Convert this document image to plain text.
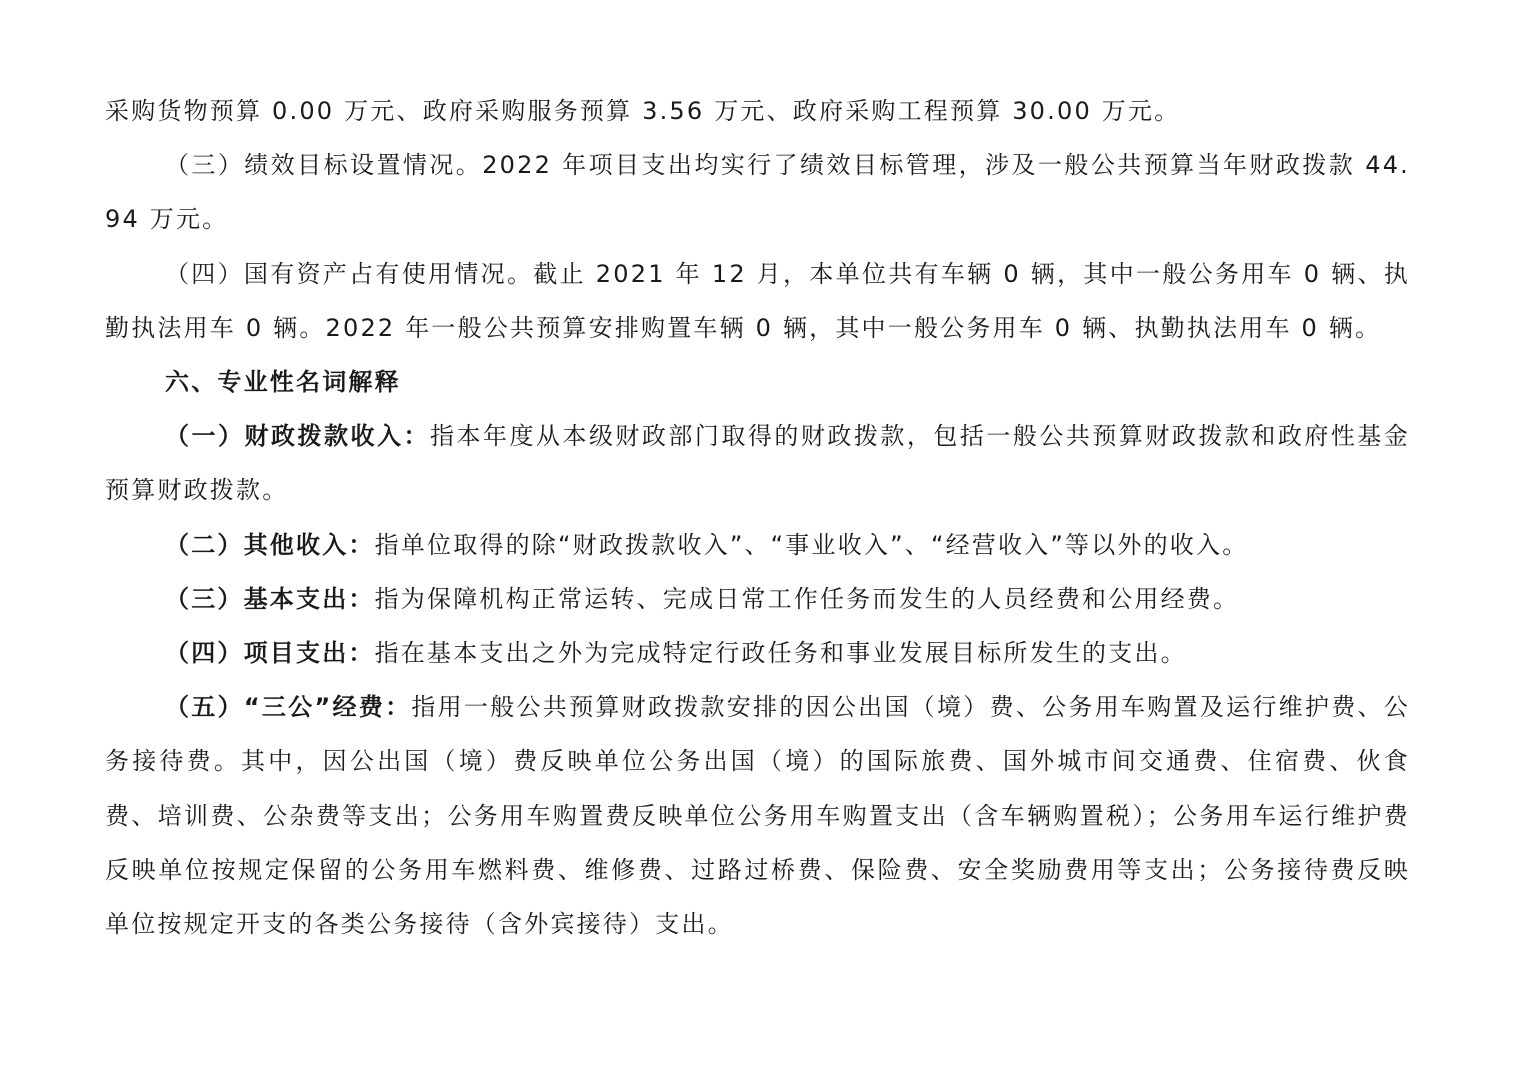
采购货物预算 0.00 万元、政府采购服务预算 3.56 万元、政府采购工程预算 30.00 万元。

（三）绩效目标设置情况。2022 年项目支出均实行了绩效目标管理，涉及一般公共预算当年财政拨款 44.94 万元。

（四）国有资产占有使用情况。截止 2021 年 12 月，本单位共有车辆 0 辆，其中一般公务用车 0 辆、执勤执法用车 0 辆。2022 年一般公共预算安排购置车辆 0 辆，其中一般公务用车 0 辆、执勤执法用车 0 辆。

六、专业性名词解释

（一）财政拨款收入：指本年度从本级财政部门取得的财政拨款，包括一般公共预算财政拨款和政府性基金预算财政拨款。

（二）其他收入：指单位取得的除“财政拨款收入”、“事业收入”、“经营收入”等以外的收入。

（三）基本支出：指为保障机构正常运转、完成日常工作任务而发生的人员经费和公用经费。

（四）项目支出：指在基本支出之外为完成特定行政任务和事业发展目标所发生的支出。

（五）“三公”经费：指用一般公共预算财政拨款安排的因公出国（境）费、公务用车购置及运行维护费、公务接待费。其中，因公出国（境）费反映单位公务出国（境）的国际旅费、国外城市间交通费、住宿费、伙食费、培训费、公杂费等支出；公务用车购置费反映单位公务用车购置支出（含车辆购置税）；公务用车运行维护费反映单位按规定保留的公务用车燃料费、维修费、过路过桥费、保险费、安全奖励费用等支出；公务接待费反映单位按规定开支的各类公务接待（含外宾接待）支出。
